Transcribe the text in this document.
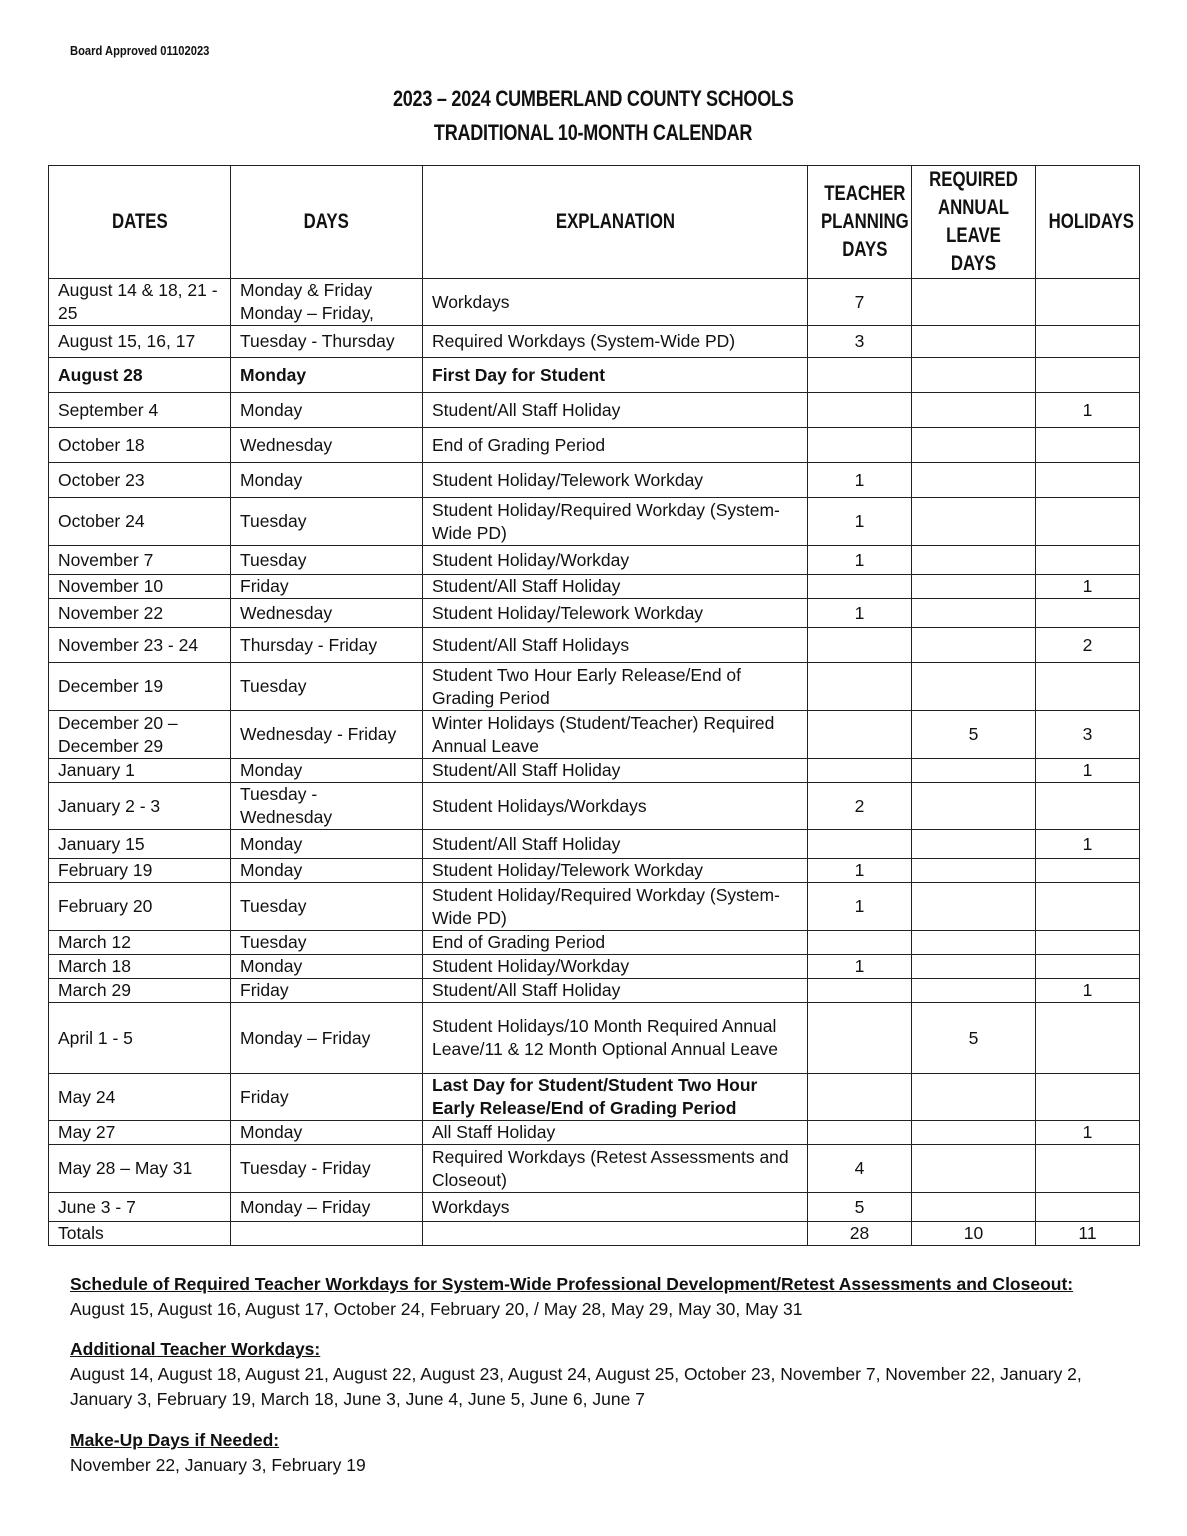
Board Approved 01102023
2023 – 2024 CUMBERLAND COUNTY SCHOOLS
TRADITIONAL 10-MONTH CALENDAR
DATES	DAYS	EXPLANATION	TEACHER PLANNING DAYS	REQUIRED ANNUAL LEAVE DAYS	HOLIDAYS
August 14 & 18, 21 - 25	Monday & Friday Monday – Friday,	Workdays	7		
August 15, 16, 17	Tuesday - Thursday	Required Workdays (System-Wide PD)	3		
August 28	Monday	First Day for Student			
September 4	Monday	Student/All Staff Holiday			1
October 18	Wednesday	End of Grading Period			
October 23	Monday	Student Holiday/Telework Workday	1		
October 24	Tuesday	Student Holiday/Required Workday (System-Wide PD)	1		
November 7	Tuesday	Student Holiday/Workday	1		
November 10	Friday	Student/All Staff Holiday			1
November 22	Wednesday	Student Holiday/Telework Workday	1		
November 23 - 24	Thursday - Friday	Student/All Staff Holidays			2
December 19	Tuesday	Student Two Hour Early Release/End of Grading Period			
December 20 – December 29	Wednesday - Friday	Winter Holidays (Student/Teacher) Required Annual Leave		5	3
January 1	Monday	Student/All Staff Holiday			1
January 2 - 3	Tuesday - Wednesday	Student Holidays/Workdays	2		
January 15	Monday	Student/All Staff Holiday			1
February 19	Monday	Student Holiday/Telework Workday	1		
February 20	Tuesday	Student Holiday/Required Workday (System-Wide PD)	1		
March 12	Tuesday	End of Grading Period			
March 18	Monday	Student Holiday/Workday	1		
March 29	Friday	Student/All Staff Holiday			1
April 1 - 5	Monday – Friday	Student Holidays/10 Month Required Annual Leave/11 & 12 Month Optional Annual Leave		5	
May 24	Friday	Last Day for Student/Student Two Hour Early Release/End of Grading Period			
May 27	Monday	All Staff Holiday			1
May 28 – May 31	Tuesday - Friday	Required Workdays (Retest Assessments and Closeout)	4		
June 3 - 7	Monday – Friday	Workdays	5		
Totals			28	10	11
Schedule of Required Teacher Workdays for System-Wide Professional Development/Retest Assessments and Closeout:
August 15, August 16, August 17, October 24, February 20, / May 28, May 29, May 30, May 31
Additional Teacher Workdays:
August 14, August 18, August 21, August 22, August 23, August 24, August 25, October 23, November 7, November 22, January 2, January 3, February 19, March 18, June 3, June 4, June 5, June 6, June 7
Make-Up Days if Needed:
November 22, January 3, February 19
